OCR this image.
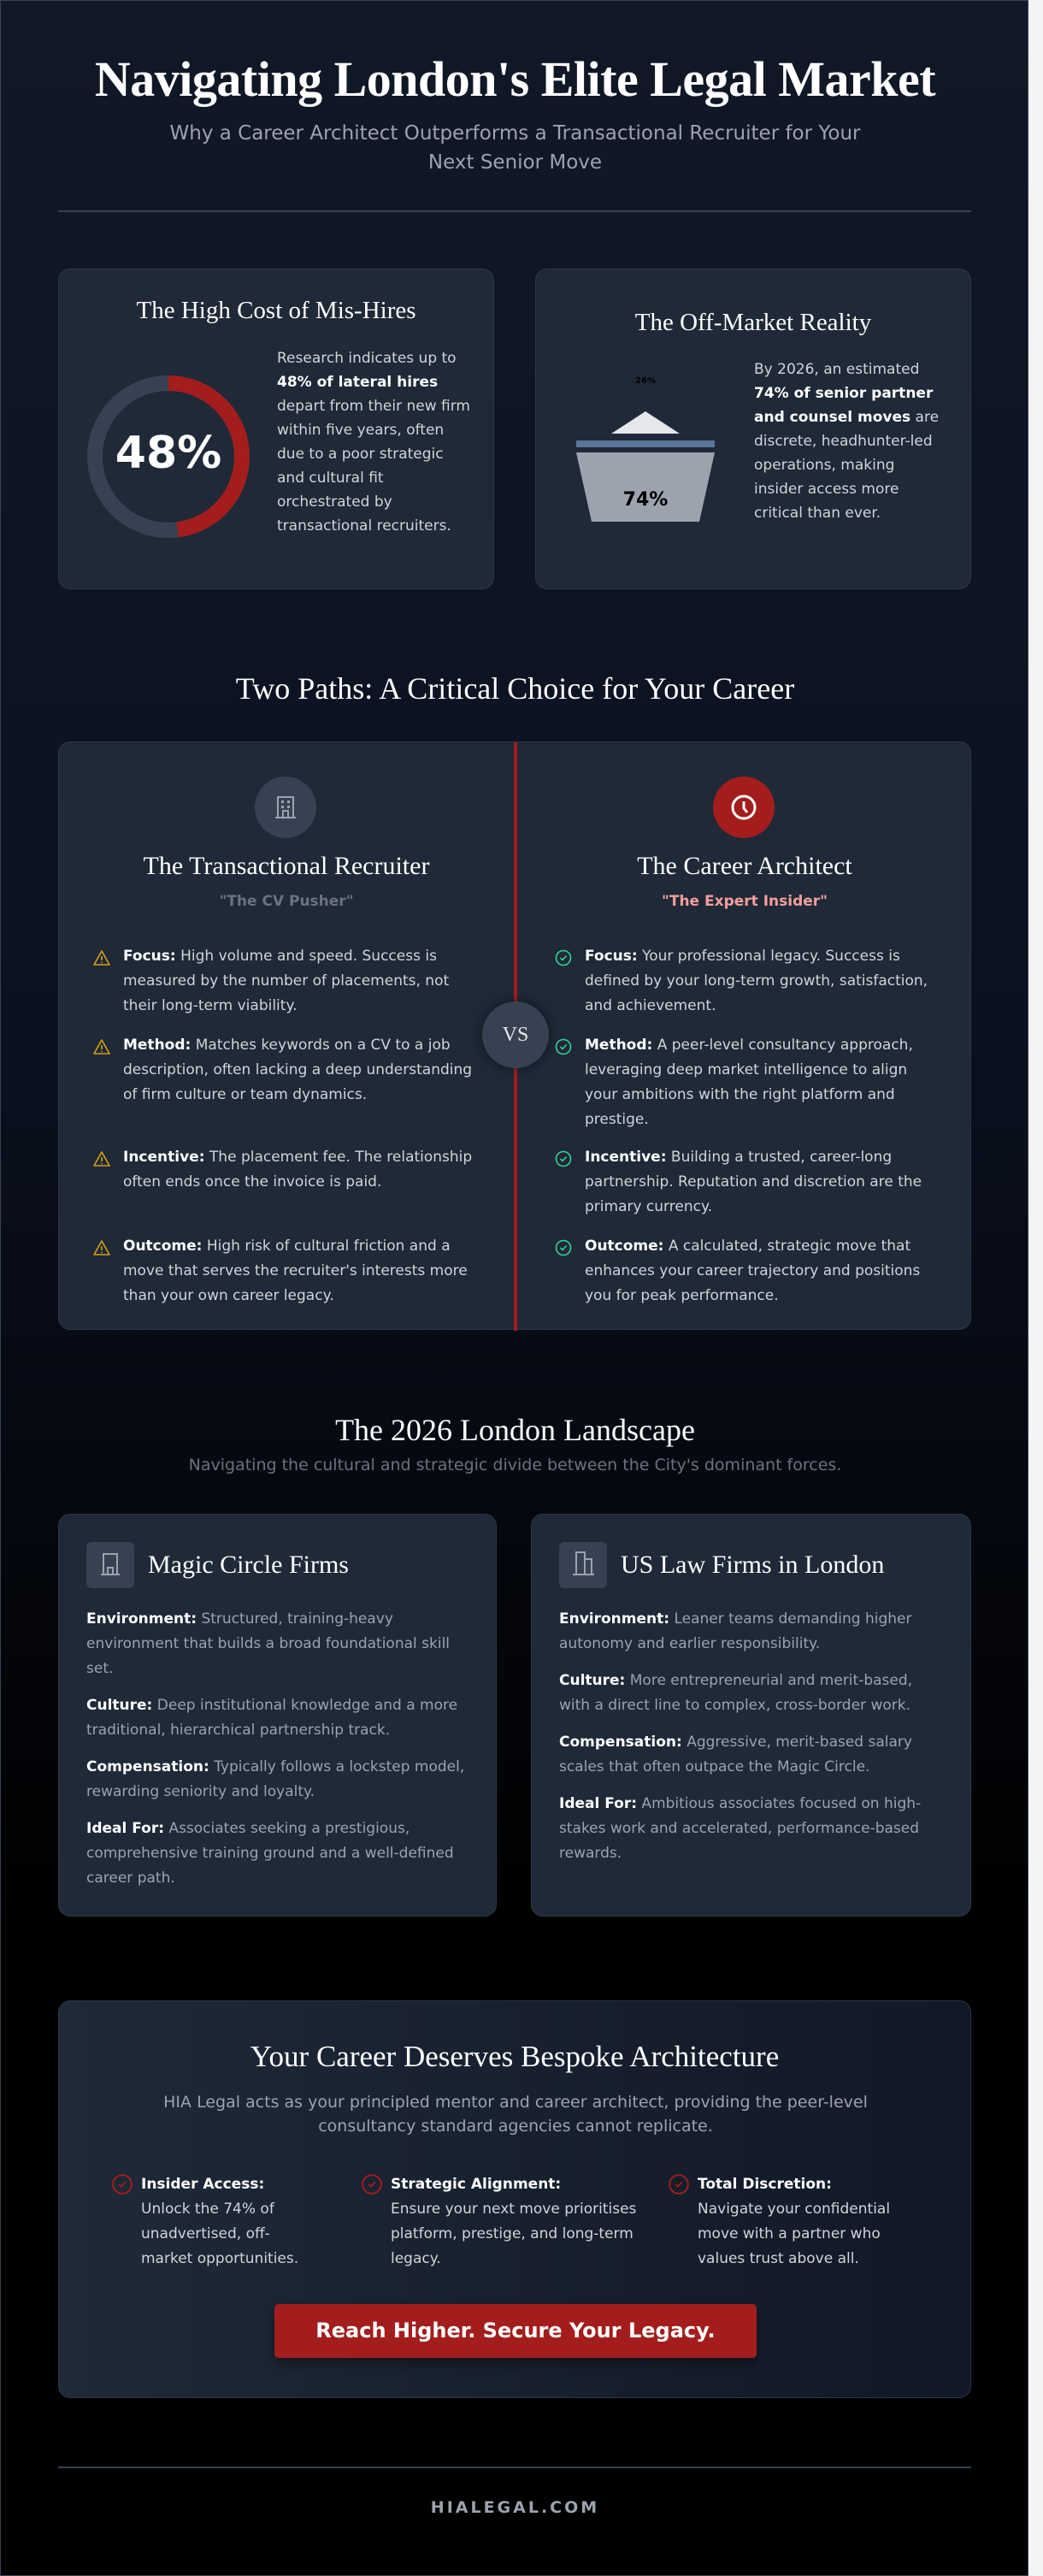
Navigating London's Elite Legal Market
Why a Career Architect Outperforms a Transactional Recruiter for Your Next Senior Move
The High Cost of Mis-Hires
48%
Research indicates up to 48% of lateral hires depart from their new firm within five years, often due to a poor strategic and cultural fit orchestrated by transactional recruiters.
The Off-Market Reality
26%
74%
By 2026, an estimated 74% of senior partner and counsel moves are discrete, headhunter-led operations, making insider access more critical than ever.
Two Paths: A Critical Choice for Your Career
The Transactional Recruiter
"The CV Pusher"
Focus: High volume and speed. Success is measured by the number of placements, not their long-term viability.
Method: Matches keywords on a CV to a job description, often lacking a deep understanding of firm culture or team dynamics.
Incentive: The placement fee. The relationship often ends once the invoice is paid.
Outcome: High risk of cultural friction and a move that serves the recruiter's interests more than your own career legacy.
VS
The Career Architect
"The Expert Insider"
Focus: Your professional legacy. Success is defined by your long-term growth, satisfaction, and achievement.
Method: A peer-level consultancy approach, leveraging deep market intelligence to align your ambitions with the right platform and prestige.
Incentive: Building a trusted, career-long partnership. Reputation and discretion are the primary currency.
Outcome: A calculated, strategic move that enhances your career trajectory and positions you for peak performance.
The 2026 London Landscape
Navigating the cultural and strategic divide between the City's dominant forces.
Magic Circle Firms

Environment: Structured, training-heavy environment that builds a broad foundational skill set.

Culture: Deep institutional knowledge and a more traditional, hierarchical partnership track.

Compensation: Typically follows a lockstep model, rewarding seniority and loyalty.

Ideal For: Associates seeking a prestigious, comprehensive training ground and a well-defined career path.

US Law Firms in London

Environment: Leaner teams demanding higher autonomy and earlier responsibility.

Culture: More entrepreneurial and merit-based, with a direct line to complex, cross-border work.

Compensation: Aggressive, merit-based salary scales that often outpace the Magic Circle.

Ideal For: Ambitious associates focused on high-stakes work and accelerated, performance-based rewards.

Your Career Deserves Bespoke Architecture
HIA Legal acts as your principled mentor and career architect, providing the peer-level consultancy standard agencies cannot replicate.
Insider Access:
Unlock the 74% of unadvertised, off-market opportunities.
Strategic Alignment:
Ensure your next move prioritises platform, prestige, and long-term legacy.
Total Discretion:
Navigate your confidential move with a partner who values trust above all.
Reach Higher. Secure Your Legacy.
HIALEGAL.COM
